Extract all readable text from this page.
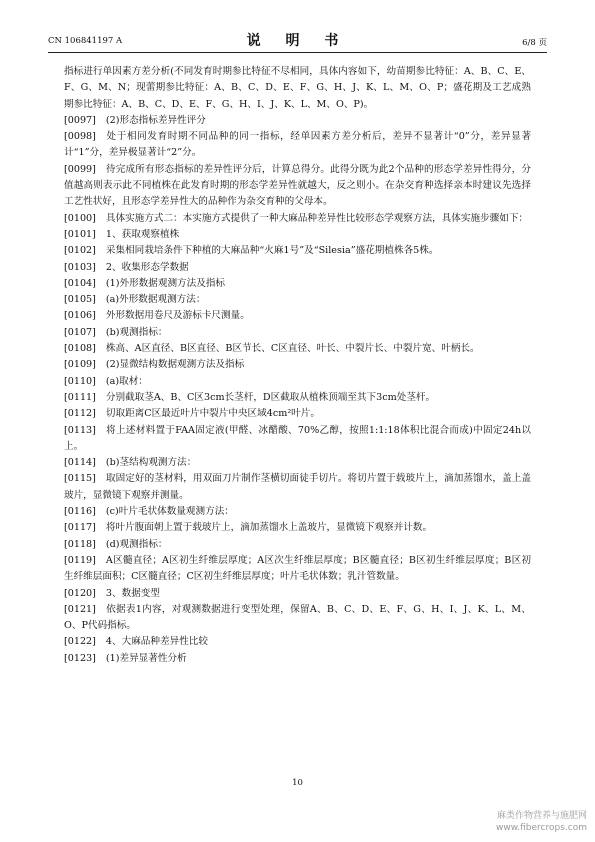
CN 106841197 A	说 明 书	6/8 页

指标进行单因素方差分析(不同发育时期参比特征不尽相同，具体内容如下，幼苗期参比特征：A、B、C、E、F、G、M、N；现蕾期参比特征：A、B、C、D、E、F、G、H、J、K、L、M、O、P；盛花期及工艺成熟期参比特征：A、B、C、D、E、F、G、H、I、J、K、L、M、O、P)。

[0097] (2)形态指标差异性评分

[0098] 处于相同发育时期不同品种的同一指标，经单因素方差分析后，差异不显著计“0”分，差异显著计“1”分，差异极显著计“2”分。

[0099] 待完成所有形态指标的差异性评分后，计算总得分。此得分既为此2个品种的形态学差异性得分，分值越高则表示此不同植株在此发育时期的形态学差异性就越大，反之则小。在杂交育种选择亲本时建议先选择工艺性状好，且形态学差异性大的品种作为杂交育种的父母本。

[0100] 具体实施方式二：本实施方式提供了一种大麻品种差异性比较形态学观察方法，具体实施步骤如下：

[0101] 1、获取观察植株

[0102] 采集相同栽培条件下种植的大麻品种“火麻1号”及“Silesia”盛花期植株各5株。

[0103] 2、收集形态学数据

[0104] (1)外形数据观测方法及指标

[0105] (a)外形数据观测方法：

[0106] 外形数据用卷尺及游标卡尺测量。

[0107] (b)观测指标：

[0108] 株高、A区直径、B区直径、B区节长、C区直径、叶长、中裂片长、中裂片宽、叶柄长。

[0109] (2)显微结构数据观测方法及指标

[0110] (a)取材：

[0111] 分别截取茎A、B、C区3cm长茎杆，D区截取从植株顶端至其下3cm处茎杆。

[0112] 切取距离C区最近叶片中裂片中央区域4cm²叶片。

[0113] 将上述材料置于FAA固定液(甲醛、冰醋酸、70%乙醇，按照1:1:18体积比混合而成)中固定24h以上。

[0114] (b)茎结构观测方法：

[0115] 取固定好的茎材料，用双面刀片制作茎横切面徒手切片。将切片置于载玻片上，滴加蒸馏水，盖上盖玻片，显微镜下观察并测量。

[0116] (c)叶片毛状体数量观测方法：

[0117] 将叶片腹面朝上置于载玻片上，滴加蒸馏水上盖玻片，显微镜下观察并计数。

[0118] (d)观测指标：

[0119] A区髓直径；A区初生纤维层厚度；A区次生纤维层厚度；B区髓直径；B区初生纤维层厚度；B区初生纤维层面积；C区髓直径；C区初生纤维层厚度；叶片毛状体数；乳汁管数量。

[0120] 3、数据变型

[0121] 依据表1内容，对观测数据进行变型处理，保留A、B、C、D、E、F、G、H、I、J、K、L、M、O、P代码指标。

[0122] 4、大麻品种差异性比较

[0123] (1)差异显著性分析

10
麻类作物营养与施肥网
www.fibercrops.com
